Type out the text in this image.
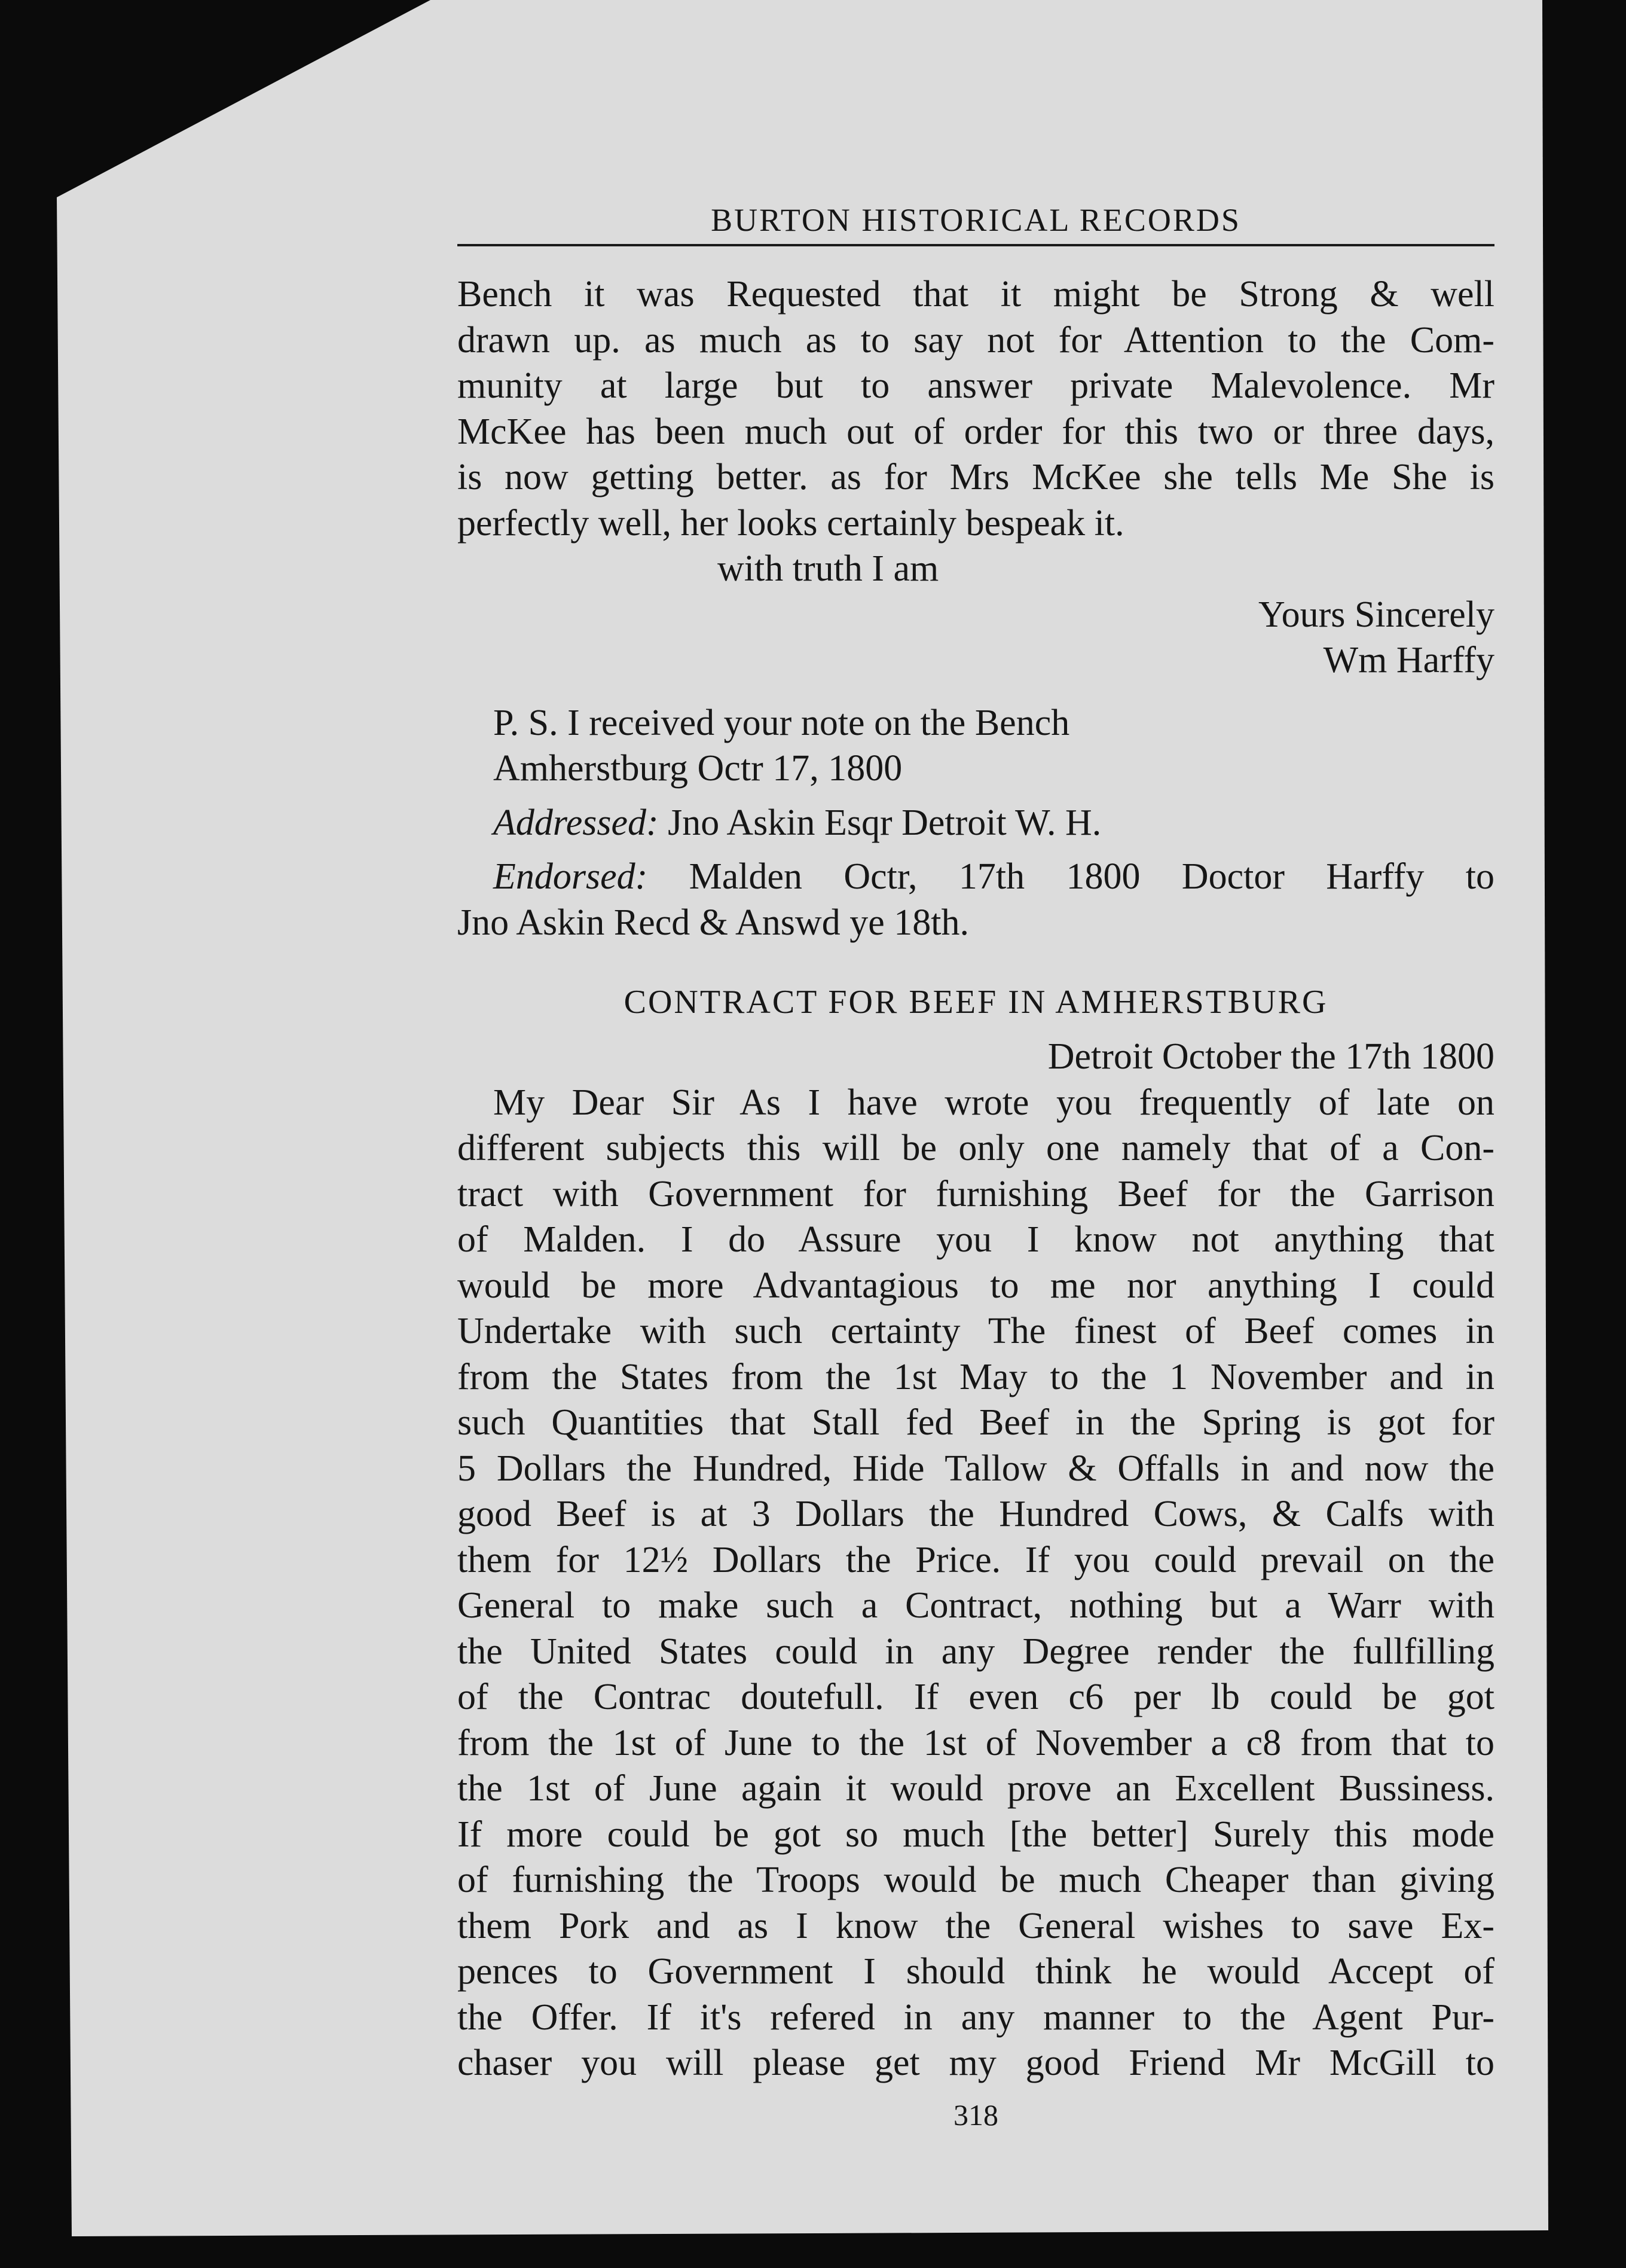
BURTON HISTORICAL RECORDS
Bench it was Requested that it might be Strong & well
drawn up. as much as to say not for Attention to the Com-
munity at large but to answer private Malevolence. Mr
McKee has been much out of order for this two or three days,
is now getting better. as for Mrs McKee she tells Me She is
perfectly well, her looks certainly bespeak it.
with truth I am
Yours Sincerely
Wm Harffy
P. S. I received your note on the Bench
Amherstburg Octr 17, 1800
Addressed: Jno Askin Esqr Detroit W. H.
Endorsed: Malden Octr, 17th 1800 Doctor Harffy to
Jno Askin Recd & Answd ye 18th.
CONTRACT FOR BEEF IN AMHERSTBURG
Detroit October the 17th 1800
My Dear Sir As I have wrote you frequently of late on
different subjects this will be only one namely that of a Con-
tract with Government for furnishing Beef for the Garrison
of Malden. I do Assure you I know not anything that
would be more Advantagious to me nor anything I could
Undertake with such certainty The finest of Beef comes in
from the States from the 1st May to the 1 November and in
such Quantities that Stall fed Beef in the Spring is got for
5 Dollars the Hundred, Hide Tallow & Offalls in and now the
good Beef is at 3 Dollars the Hundred Cows, & Calfs with
them for 12½ Dollars the Price. If you could prevail on the
General to make such a Contract, nothing but a Warr with
the United States could in any Degree render the fullfilling
of the Contrac doutefull. If even c6 per lb could be got
from the 1st of June to the 1st of November a c8 from that to
the 1st of June again it would prove an Excellent Bussiness.
If more could be got so much [the better] Surely this mode
of furnishing the Troops would be much Cheaper than giving
them Pork and as I know the General wishes to save Ex-
pences to Government I should think he would Accept of
the Offer. If it's refered in any manner to the Agent Pur-
chaser you will please get my good Friend Mr McGill to
318
